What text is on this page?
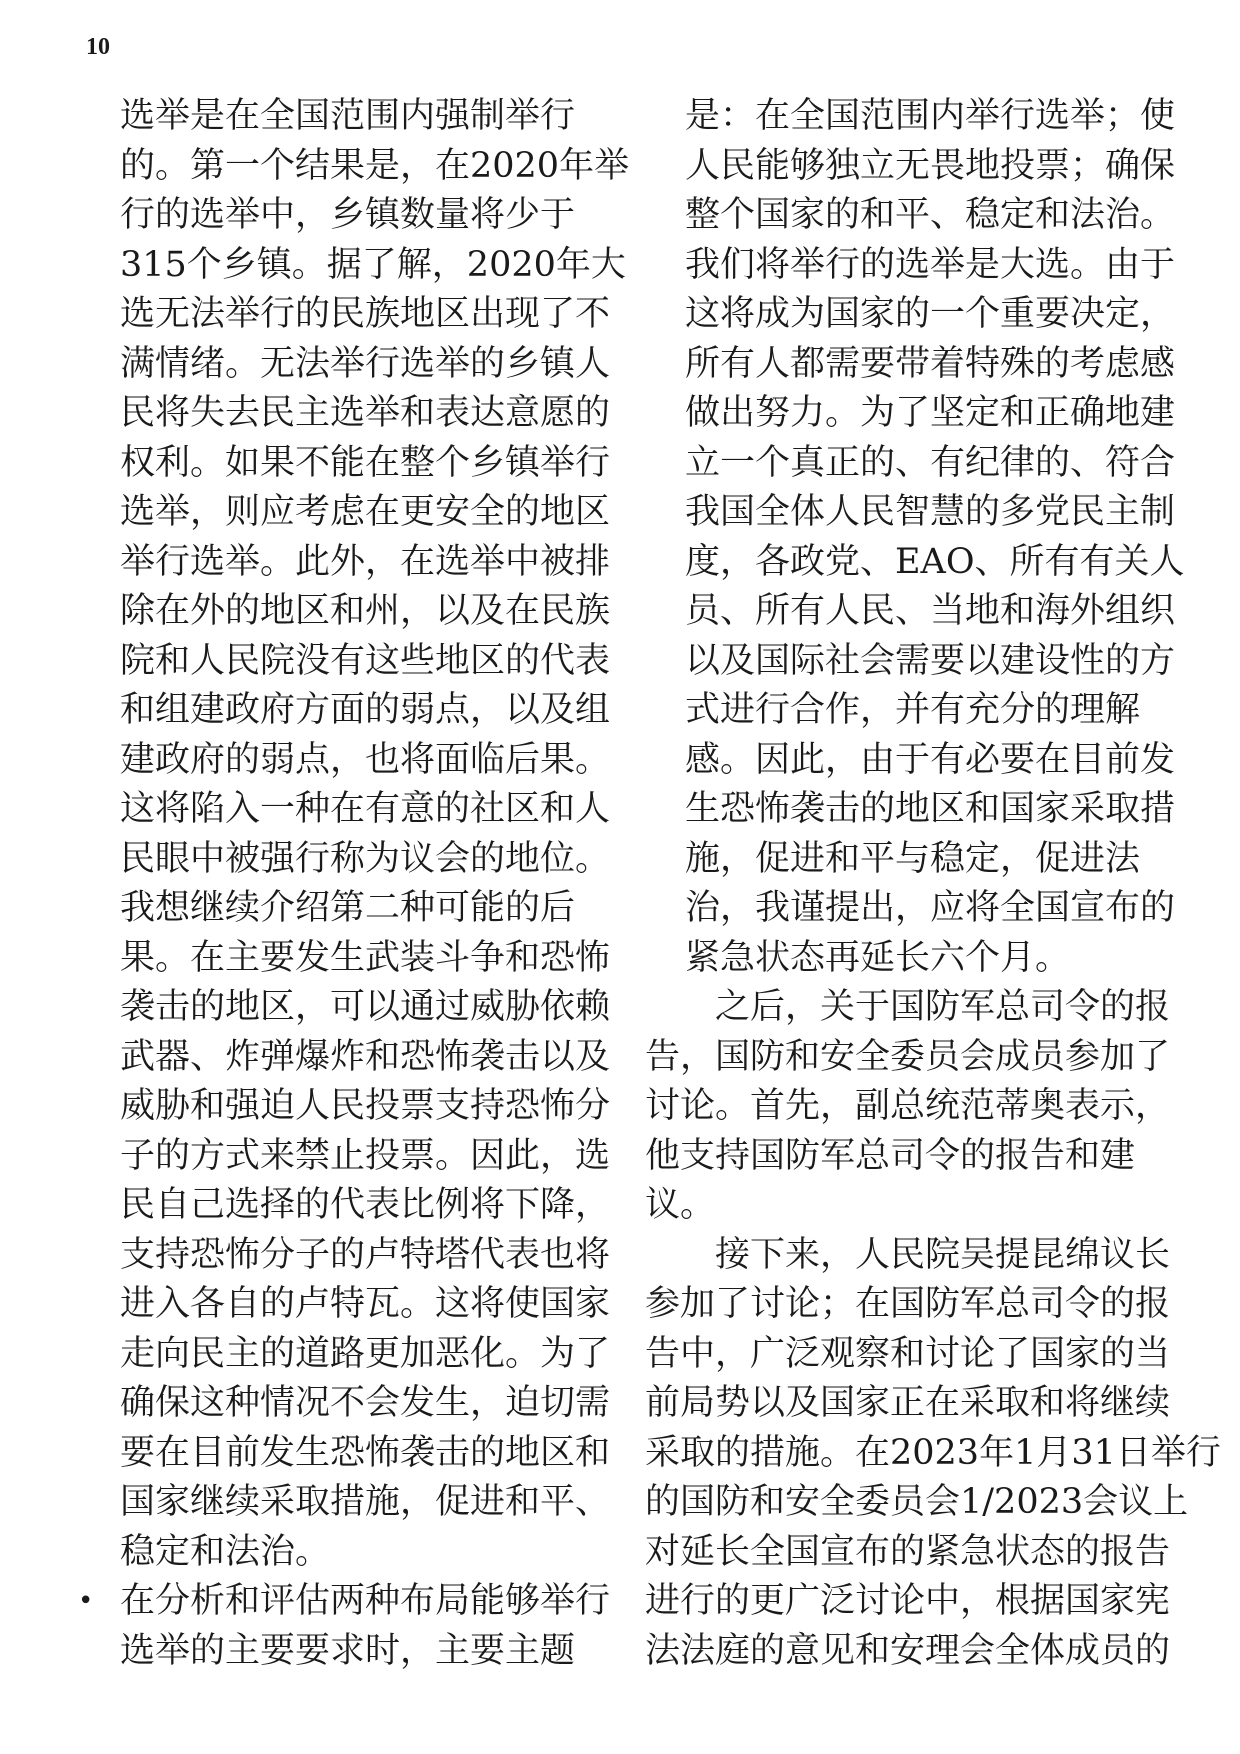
10
•
选举是在全国范围内强制举行
的。第一个结果是，在2020年举
行的选举中，乡镇数量将少于
315个乡镇。据了解，2020年大
选无法举行的民族地区出现了不
满情绪。无法举行选举的乡镇人
民将失去民主选举和表达意愿的
权利。如果不能在整个乡镇举行
选举，则应考虑在更安全的地区
举行选举。此外，在选举中被排
除在外的地区和州，以及在民族
院和人民院没有这些地区的代表
和组建政府方面的弱点，以及组
建政府的弱点，也将面临后果。
这将陷入一种在有意的社区和人
民眼中被强行称为议会的地位。
我想继续介绍第二种可能的后
果。在主要发生武装斗争和恐怖
袭击的地区，可以通过威胁依赖
武器、炸弹爆炸和恐怖袭击以及
威胁和强迫人民投票支持恐怖分
子的方式来禁止投票。因此，选
民自己选择的代表比例将下降，
支持恐怖分子的卢特塔代表也将
进入各自的卢特瓦。这将使国家
走向民主的道路更加恶化。为了
确保这种情况不会发生，迫切需
要在目前发生恐怖袭击的地区和
国家继续采取措施，促进和平、
稳定和法治。
在分析和评估两种布局能够举行
选举的主要要求时，主要主题
是：在全国范围内举行选举；使
人民能够独立无畏地投票；确保
整个国家的和平、稳定和法治。
我们将举行的选举是大选。由于
这将成为国家的一个重要决定，
所有人都需要带着特殊的考虑感
做出努力。为了坚定和正确地建
立一个真正的、有纪律的、符合
我国全体人民智慧的多党民主制
度，各政党、EAO、所有有关人
员、所有人民、当地和海外组织
以及国际社会需要以建设性的方
式进行合作，并有充分的理解
感。因此，由于有必要在目前发
生恐怖袭击的地区和国家采取措
施，促进和平与稳定，促进法
治，我谨提出，应将全国宣布的
紧急状态再延长六个月。
之后，关于国防军总司令的报
告，国防和安全委员会成员参加了
讨论。首先，副总统范蒂奥表示，
他支持国防军总司令的报告和建
议。
接下来，人民院吴提昆绵议长
参加了讨论；在国防军总司令的报
告中，广泛观察和讨论了国家的当
前局势以及国家正在采取和将继续
采取的措施。在2023年1月31日举行
的国防和安全委员会1/2023会议上
对延长全国宣布的紧急状态的报告
进行的更广泛讨论中，根据国家宪
法法庭的意见和安理会全体成员的
